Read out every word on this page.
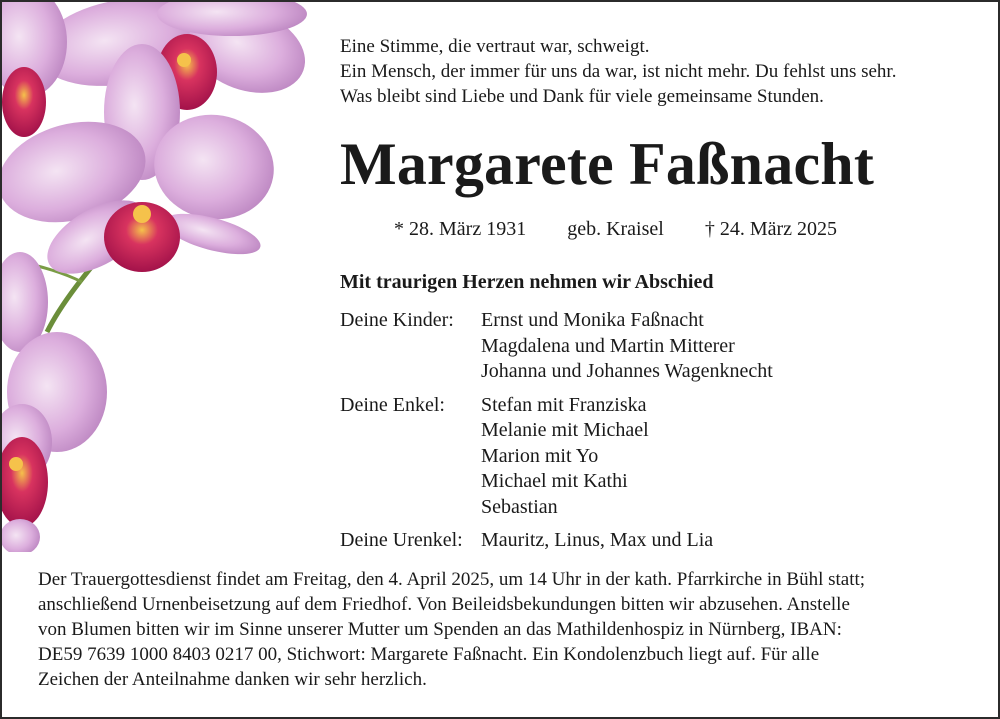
Eine Stimme, die vertraut war, schweigt.
Ein Mensch, der immer für uns da war, ist nicht mehr. Du fehlst uns sehr.
Was bleibt sind Liebe und Dank für viele gemeinsame Stunden.
Margarete Faßnacht
* 28. März 1931 geb. Kraisel † 24. März 2025
Mit traurigen Herzen nehmen wir Abschied
Deine Kinder:	Ernst und Monika Faßnacht
Magdalena und Martin Mitterer
Johanna und Johannes Wagenknecht
Deine Enkel:	Stefan mit Franziska
Melanie mit Michael
Marion mit Yo
Michael mit Kathi
Sebastian
Deine Urenkel: Mauritz, Linus, Max und Lia
Der Trauergottesdienst findet am Freitag, den 4. April 2025, um 14 Uhr in der kath. Pfarrkirche in Bühl statt;
anschließend Urnenbeisetzung auf dem Friedhof. Von Beileidsbekundungen bitten wir abzusehen. Anstelle
von Blumen bitten wir im Sinne unserer Mutter um Spenden an das Mathildenhospiz in Nürnberg, IBAN:
DE59 7639 1000 8403 0217 00, Stichwort: Margarete Faßnacht. Ein Kondolenzbuch liegt auf. Für alle
Zeichen der Anteilnahme danken wir sehr herzlich.
